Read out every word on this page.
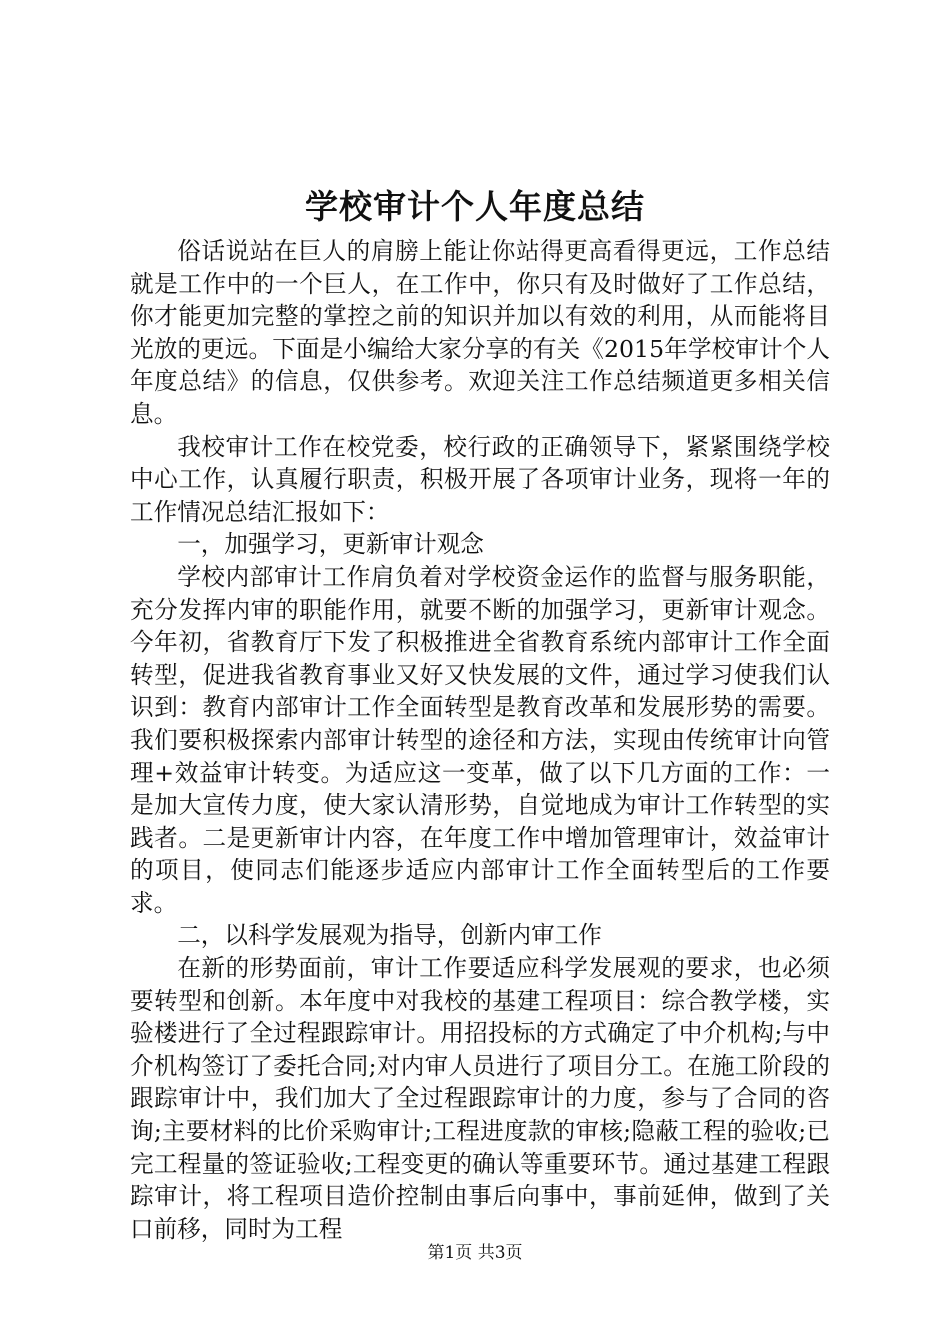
学校审计个人年度总结

俗话说站在巨人的肩膀上能让你站得更高看得更远，工作总结就是工作中的一个巨人，在工作中，你只有及时做好了工作总结，你才能更加完整的掌控之前的知识并加以有效的利用，从而能将目光放的更远。下面是小编给大家分享的有关《2015年学校审计个人年度总结》的信息，仅供参考。欢迎关注工作总结频道更多相关信息。

我校审计工作在校党委，校行政的正确领导下，紧紧围绕学校中心工作，认真履行职责，积极开展了各项审计业务，现将一年的工作情况总结汇报如下：

一，加强学习，更新审计观念

学校内部审计工作肩负着对学校资金运作的监督与服务职能，充分发挥内审的职能作用，就要不断的加强学习，更新审计观念。今年初，省教育厅下发了积极推进全省教育系统内部审计工作全面转型，促进我省教育事业又好又快发展的文件，通过学习使我们认识到：教育内部审计工作全面转型是教育改革和发展形势的需要。我们要积极探索内部审计转型的途径和方法，实现由传统审计向管理+效益审计转变。为适应这一变革，做了以下几方面的工作：一是加大宣传力度，使大家认清形势，自觉地成为审计工作转型的实践者。二是更新审计内容，在年度工作中增加管理审计，效益审计的项目，使同志们能逐步适应内部审计工作全面转型后的工作要求。

二，以科学发展观为指导，创新内审工作

在新的形势面前，审计工作要适应科学发展观的要求，也必须要转型和创新。本年度中对我校的基建工程项目：综合教学楼，实验楼进行了全过程跟踪审计。用招投标的方式确定了中介机构;与中介机构签订了委托合同;对内审人员进行了项目分工。在施工阶段的跟踪审计中，我们加大了全过程跟踪审计的力度，参与了合同的咨询;主要材料的比价采购审计;工程进度款的审核;隐蔽工程的验收;已完工程量的签证验收;工程变更的确认等重要环节。通过基建工程跟踪审计，将工程项目造价控制由事后向事中，事前延伸，做到了关口前移，同时为工程

第1页 共3页
